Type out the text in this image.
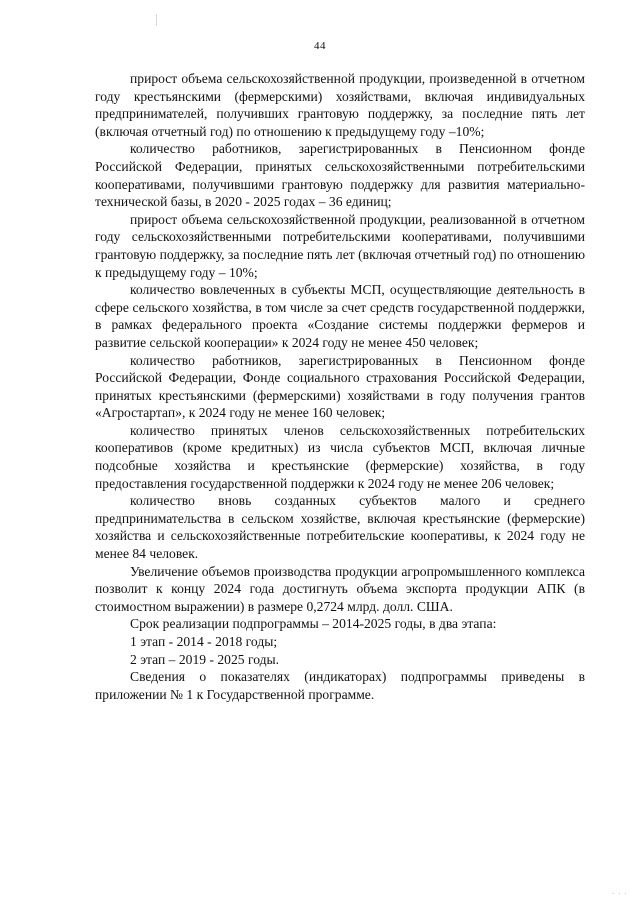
44

прирост объема сельскохозяйственной продукции, произведенной в отчетном году крестьянскими (фермерскими) хозяйствами, включая индивидуальных предпринимателей, получивших грантовую поддержку, за последние пять лет (включая отчетный год) по отношению к предыдущему году –10%;

количество работников, зарегистрированных в Пенсионном фонде Российской Федерации, принятых сельскохозяйственными потребительскими кооперативами, получившими грантовую поддержку для развития материально-технической базы, в 2020 - 2025 годах – 36 единиц;

прирост объема сельскохозяйственной продукции, реализованной в отчетном году сельскохозяйственными потребительскими кооперативами, получившими грантовую поддержку, за последние пять лет (включая отчетный год) по отношению к предыдущему году – 10%;

количество вовлеченных в субъекты МСП, осуществляющие деятельность в сфере сельского хозяйства, в том числе за счет средств государственной поддержки, в рамках федерального проекта «Создание системы поддержки фермеров и развитие сельской кооперации» к 2024 году не менее 450 человек;

количество работников, зарегистрированных в Пенсионном фонде Российской Федерации, Фонде социального страхования Российской Федерации, принятых крестьянскими (фермерскими) хозяйствами в году получения грантов «Агростартап», к 2024 году не менее 160 человек;

количество принятых членов сельскохозяйственных потребительских кооперативов (кроме кредитных) из числа субъектов МСП, включая личные подсобные хозяйства и крестьянские (фермерские) хозяйства, в году предоставления государственной поддержки к 2024 году не менее 206 человек;

количество вновь созданных субъектов малого и среднего предпринимательства в сельском хозяйстве, включая крестьянские (фермерские) хозяйства и сельскохозяйственные потребительские кооперативы, к 2024 году не менее 84 человек.

Увеличение объемов производства продукции агропромышленного комплекса позволит к концу 2024 года достигнуть объема экспорта продукции АПК (в стоимостном выражении) в размере 0,2724 млрд. долл. США.

Срок реализации подпрограммы – 2014-2025 годы, в два этапа:

1 этап - 2014 - 2018 годы;

2 этап – 2019 - 2025 годы.

Сведения о показателях (индикаторах) подпрограммы приведены в приложении № 1 к Государственной программе.

· · ·
